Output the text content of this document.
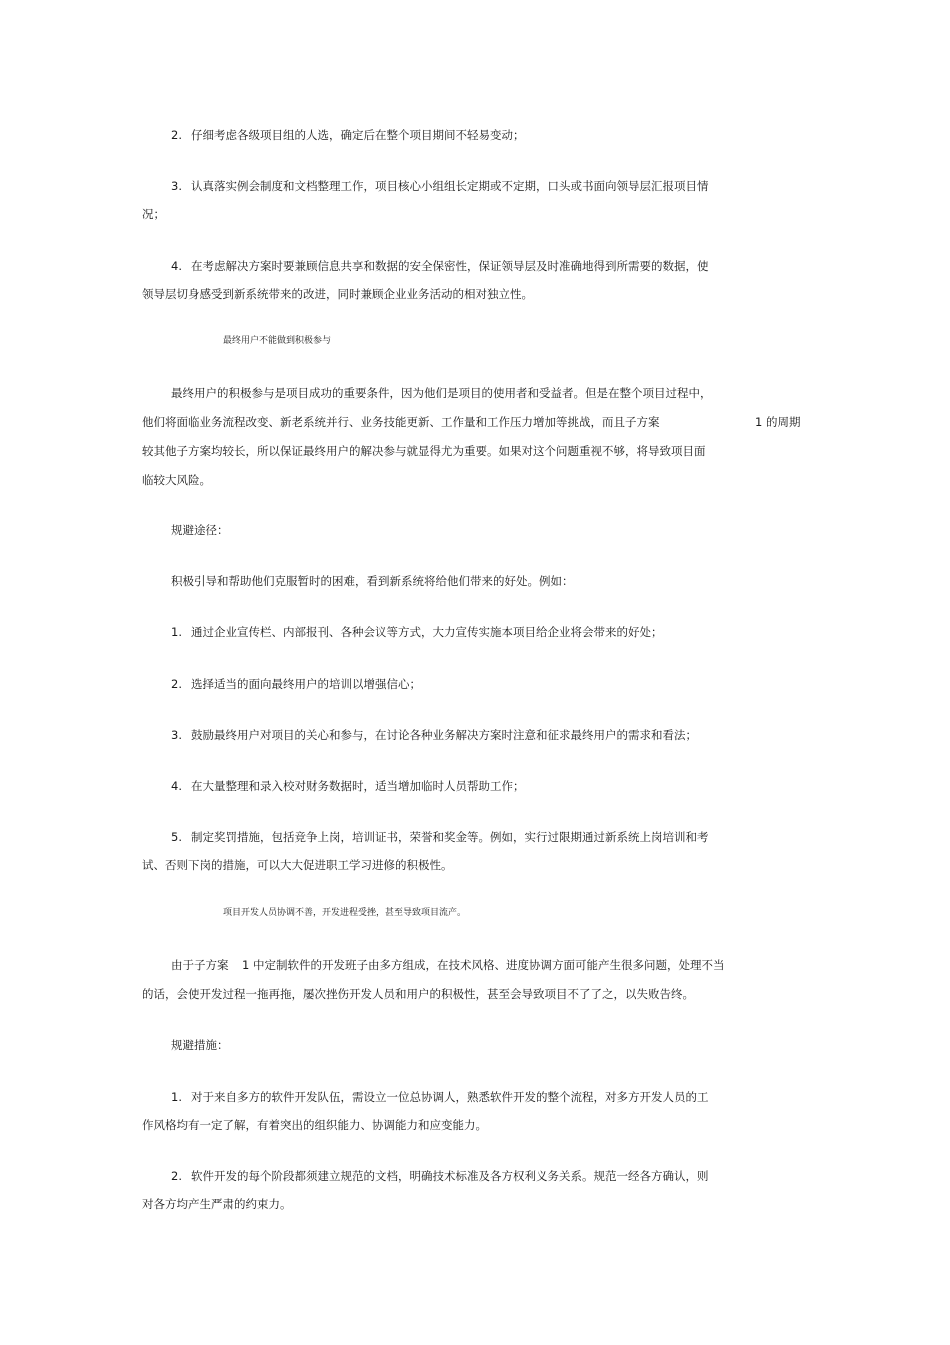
2. 仔细考虑各级项目组的人选，确定后在整个项目期间不轻易变动；
3. 认真落实例会制度和文档整理工作，项目核心小组组长定期或不定期，口头或书面向领导层汇报项目情
况；
4. 在考虑解决方案时要兼顾信息共享和数据的安全保密性，保证领导层及时准确地得到所需要的数据，使
领导层切身感受到新系统带来的改进，同时兼顾企业业务活动的相对独立性。
最终用户不能做到积极参与
最终用户的积极参与是项目成功的重要条件，因为他们是项目的使用者和受益者。但是在整个项目过程中，
他们将面临业务流程改变、新老系统并行、业务技能更新、工作量和工作压力增加等挑战，而且子方案	1 的周期
较其他子方案均较长，所以保证最终用户的解决参与就显得尤为重要。如果对这个问题重视不够，将导致项目面
临较大风险。
规避途径：
积极引导和帮助他们克服暂时的困难，看到新系统将给他们带来的好处。例如：
1. 通过企业宣传栏、内部报刊、各种会议等方式，大力宣传实施本项目给企业将会带来的好处；
2. 选择适当的面向最终用户的培训以增强信心；
3. 鼓励最终用户对项目的关心和参与，在讨论各种业务解决方案时注意和征求最终用户的需求和看法；
4. 在大量整理和录入校对财务数据时，适当增加临时人员帮助工作；
5. 制定奖罚措施，包括竞争上岗，培训证书，荣誉和奖金等。例如，实行过限期通过新系统上岗培训和考
试、否则下岗的措施，可以大大促进职工学习进修的积极性。
项目开发人员协调不善，开发进程受挫，甚至导致项目流产。
由于子方案 1 中定制软件的开发班子由多方组成，在技术风格、进度协调方面可能产生很多问题，处理不当
的话，会使开发过程一拖再拖，屡次挫伤开发人员和用户的积极性，甚至会导致项目不了了之，以失败告终。
规避措施：
1. 对于来自多方的软件开发队伍，需设立一位总协调人，熟悉软件开发的整个流程，对多方开发人员的工
作风格均有一定了解，有着突出的组织能力、协调能力和应变能力。
2. 软件开发的每个阶段都须建立规范的文档，明确技术标准及各方权利义务关系。规范一经各方确认，则
对各方均产生严肃的约束力。
